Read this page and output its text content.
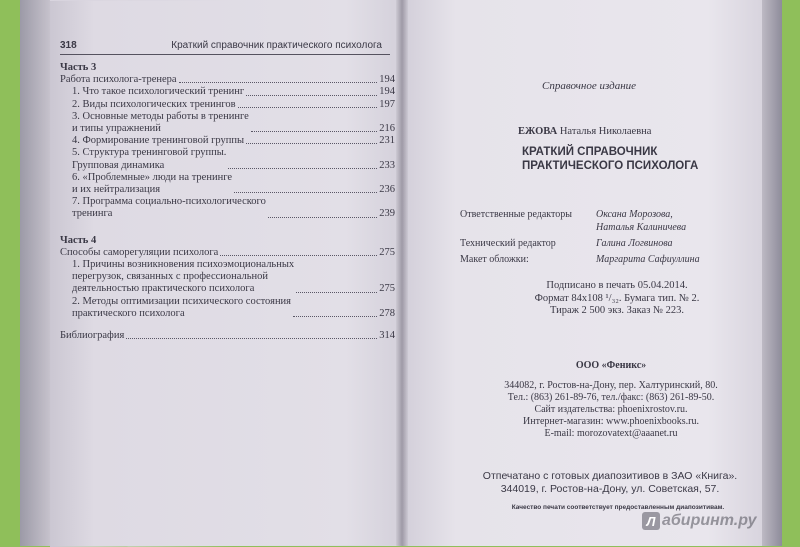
318	Краткий справочник практического психолога
Часть 3
Работа психолога-тренера	194
1. Что такое психологический тренинг	194
2. Виды психологических тренингов	197
3. Основные методы работы в тренинге
и типы упражнений	216
4. Формирование тренинговой группы	231
5. Структура тренинговой группы.
Групповая динамика	233
6. «Проблемные» люди на тренинге
и их нейтрализация	236
7. Программа социально-психологического
тренинга	239
Часть 4
Способы саморегуляции психолога	275
1. Причины возникновения психоэмоциональных
перегрузок, связанных с профессиональной
деятельностью практического психолога	275
2. Методы оптимизации психического состояния
практического психолога	278
Библиография	314
Справочное издание
ЕЖОВА Наталья Николаевна
КРАТКИЙ СПРАВОЧНИК
ПРАКТИЧЕСКОГО ПСИХОЛОГА
Ответственные редакторы	Оксана Морозова,
Наталья Калиничева
Технический редактор	Галина Логвинова
Макет обложки:	Маргарита Сафиуллина
Подписано в печать 05.04.2014.
Формат 84х108 ¹/₃₂. Бумага тип. № 2.
Тираж 2 500 экз. Заказ № 223.
ООО «Феникс»
344082, г. Ростов-на-Дону, пер. Халтуринский, 80.
Тел.: (863) 261-89-76, тел./факс: (863) 261-89-50.
Сайт издательства: phoenixrostov.ru.
Интернет-магазин: www.phoenixbooks.ru.
E-mail: morozovatext@aaanet.ru
Отпечатано с готовых диапозитивов в ЗАО «Книга».
344019, г. Ростов-на-Дону, ул. Советская, 57.
Качество печати соответствует предоставленным диапозитивам.
Л абиринт.ру
